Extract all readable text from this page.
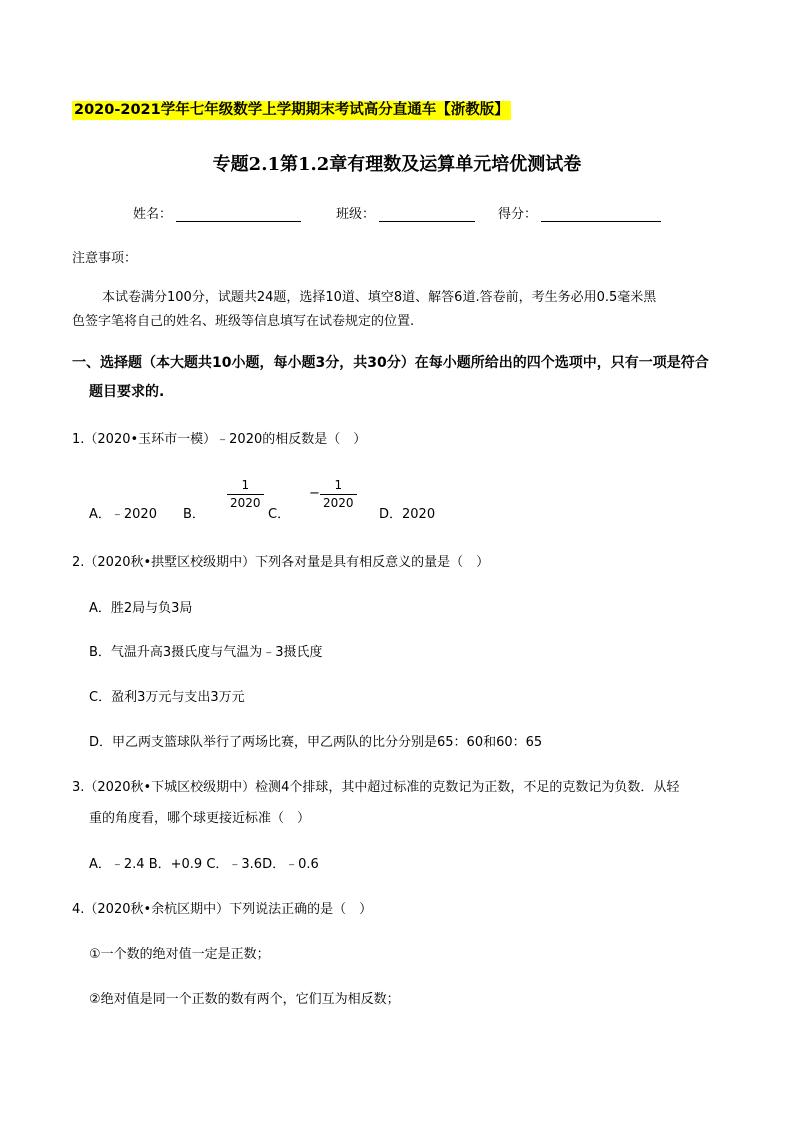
2020-2021学年七年级数学上学期期末考试高分直通车【浙教版】
专题2.1第1.2章有理数及运算单元培优测试卷
姓名：	班级：	得分：
注意事项：
本试卷满分100分，试题共24题，选择10道、填空8道、解答6道.答卷前，考生务必用0.5毫米黑
色签字笔将自己的姓名、班级等信息填写在试卷规定的位置.
一、选择题（本大题共10小题，每小题3分，共30分）在每小题所给出的四个选项中，只有一项是符合
题目要求的.
1.（2020•玉环市一模）﹣2020的相反数是（　）
A．﹣2020 B．
1
2020
C．
−
1
2020
D．2020
2.（2020秋•拱墅区校级期中）下列各对量是具有相反意义的量是（　）
A．胜2局与负3局
B．气温升高3摄氏度与气温为﹣3摄氏度
C．盈利3万元与支出3万元
D．甲乙两支篮球队举行了两场比赛，甲乙两队的比分分别是65：60和60：65
3.（2020秋•下城区校级期中）检测4个排球，其中超过标准的克数记为正数，不足的克数记为负数．从轻
重的角度看，哪个球更接近标准（　）
A．﹣2.4 B．+0.9 C．﹣3.6D．﹣0.6
4.（2020秋•余杭区期中）下列说法正确的是（　）
①一个数的绝对值一定是正数；
②绝对值是同一个正数的数有两个，它们互为相反数；
